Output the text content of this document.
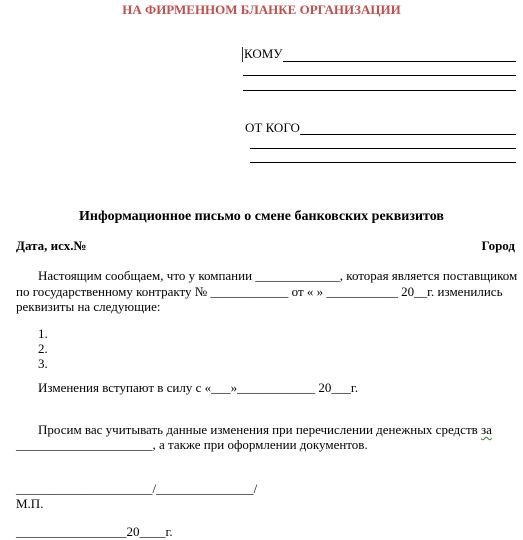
НА ФИРМЕННОМ БЛАНКЕ ОРГАНИЗАЦИИ
КОМУ
ОТ КОГО
Информационное письмо о смене банковских реквизитов
Дата, исх.№	Город
Настоящим сообщаем, что у компании _____________, которая является поставщиком
по государственному контракту № ____________ от « » ___________ 20__г. изменились
реквизиты на следующие:
1.
2.
3.
Изменения вступают в силу с «___»____________ 20___г.
Просим вас учитывать данные изменения при перечислении денежных средств за
_____________________, а также при оформлении документов.
_____________________/_______________/
М.П.
_________________20____г.
